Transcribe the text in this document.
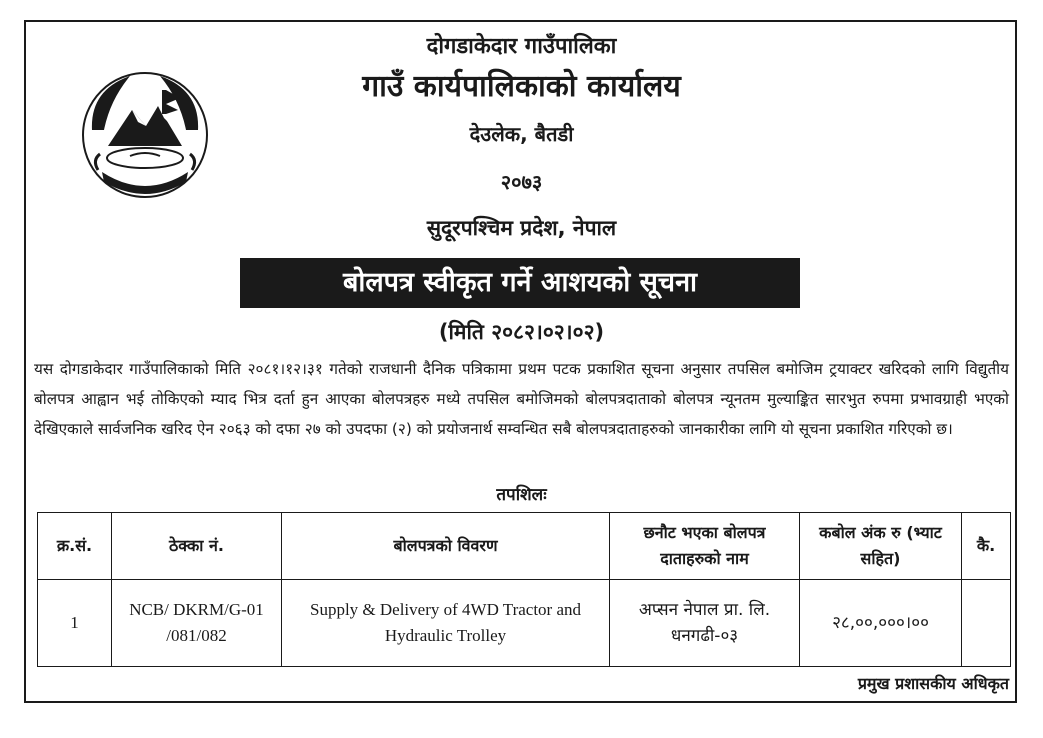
दोगडाकेदार गाउँपालिका
गाउँ कार्यपालिकाको कार्यालय
देउलेक, बैतडी
२०७३
सुदूरपश्चिम प्रदेश, नेपाल
बोलपत्र स्वीकृत गर्ने आशयको सूचना
(मिति २०८२।०२।०२)
यस दोगडाकेदार गाउँपालिकाको मिति २०८१।१२।३१ गतेको राजधानी दैनिक पत्रिकामा प्रथम पटक प्रकाशित सूचना अनुसार तपसिल बमोजिम ट्रयाक्टर खरिदको लागि विद्युतीय बोलपत्र आह्वान भई तोकिएको म्याद भित्र दर्ता हुन आएका बोलपत्रहरु मध्ये तपसिल बमोजिमको बोलपत्रदाताको बोलपत्र न्यूनतम मुल्याङ्कित सारभुत रुपमा प्रभावग्राही भएको देखिएकाले सार्वजनिक खरिद ऐन २०६३ को दफा २७ को उपदफा (२) को प्रयोजनार्थ सम्वन्धित सबै बोलपत्रदाताहरुको जानकारीका लागि यो सूचना प्रकाशित गरिएको छ।
तपशिलः
क्र.सं.	ठेक्का नं.	बोलपत्रको विवरण	छनौट भएका बोलपत्र दाताहरुको नाम	कबोल अंक रु (भ्याट सहित)	कै.
1	NCB/ DKRM/G-01 /081/082	Supply & Delivery of 4WD Tractor and Hydraulic Trolley	अप्सन नेपाल प्रा. लि. धनगढी-०३	२८,००,०००।००	
प्रमुख प्रशासकीय अधिकृत
